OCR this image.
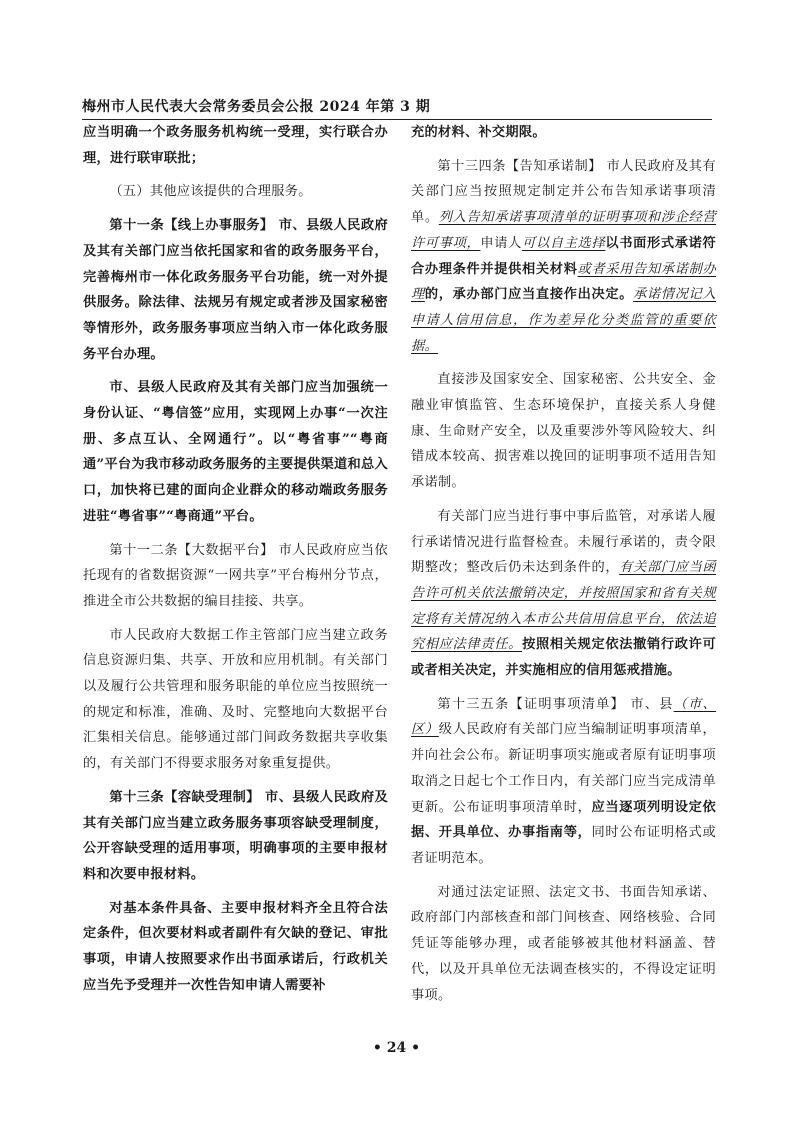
梅州市人民代表大会常务委员会公报 2024 年第 3 期

应当明确一个政务服务机构统一受理，实行联合办理，进行联审联批；

（五）其他应该提供的合理服务。

第十一条【线上办事服务】 市、县级人民政府及其有关部门应当依托国家和省的政务服务平台，完善梅州市一体化政务服务平台功能，统一对外提供服务。除法律、法规另有规定或者涉及国家秘密等情形外，政务服务事项应当纳入市一体化政务服务平台办理。

市、县级人民政府及其有关部门应当加强统一身份认证、“粤信签”应用，实现网上办事“一次注册、多点互认、全网通行”。以“粤省事”“粤商通”平台为我市移动政务服务的主要提供渠道和总入口，加快将已建的面向企业群众的移动端政务服务进驻“粤省事”“粤商通”平台。

第十一二条【大数据平台】 市人民政府应当依托现有的省数据资源“一网共享”平台梅州分节点，推进全市公共数据的编目挂接、共享。

市人民政府大数据工作主管部门应当建立政务信息资源归集、共享、开放和应用机制。有关部门以及履行公共管理和服务职能的单位应当按照统一的规定和标准，准确、及时、完整地向大数据平台汇集相关信息。能够通过部门间政务数据共享收集的，有关部门不得要求服务对象重复提供。

第十三条【容缺受理制】 市、县级人民政府及其有关部门应当建立政务服务事项容缺受理制度，公开容缺受理的适用事项，明确事项的主要申报材料和次要申报材料。

对基本条件具备、主要申报材料齐全且符合法定条件，但次要材料或者副件有欠缺的登记、审批事项，申请人按照要求作出书面承诺后，行政机关应当先予受理并一次性告知申请人需要补

充的材料、补交期限。

第十三四条【告知承诺制】 市人民政府及其有关部门应当按照规定制定并公布告知承诺事项清单。列入告知承诺事项清单的证明事项和涉企经营许可事项，申请人可以自主选择以书面形式承诺符合办理条件并提供相关材料或者采用告知承诺制办理的，承办部门应当直接作出决定。承诺情况记入申请人信用信息，作为差异化分类监管的重要依据。

直接涉及国家安全、国家秘密、公共安全、金融业审慎监管、生态环境保护，直接关系人身健康、生命财产安全，以及重要涉外等风险较大、纠错成本较高、损害难以挽回的证明事项不适用告知承诺制。

有关部门应当进行事中事后监管，对承诺人履行承诺情况进行监督检查。未履行承诺的，责令限期整改；整改后仍未达到条件的，有关部门应当函告许可机关依法撤销决定，并按照国家和省有关规定将有关情况纳入本市公共信用信息平台，依法追究相应法律责任。按照相关规定依法撤销行政许可或者相关决定，并实施相应的信用惩戒措施。

第十三五条【证明事项清单】 市、县（市、区）级人民政府有关部门应当编制证明事项清单，并向社会公布。新证明事项实施或者原有证明事项取消之日起七个工作日内，有关部门应当完成清单更新。公布证明事项清单时，应当逐项列明设定依据、开具单位、办事指南等，同时公布证明格式或者证明范本。

对通过法定证照、法定文书、书面告知承诺、政府部门内部核查和部门间核查、网络核验、合同凭证等能够办理，或者能够被其他材料涵盖、替代，以及开具单位无法调查核实的，不得设定证明事项。

• 24 •
